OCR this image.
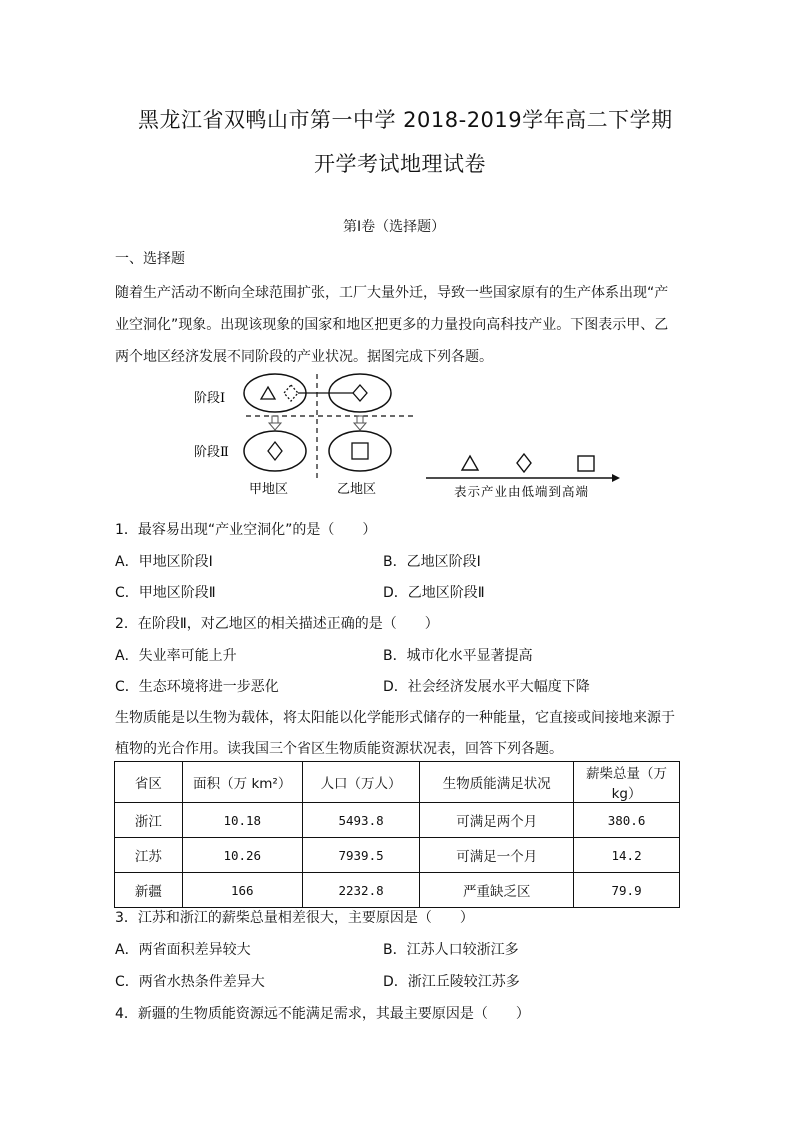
黑龙江省双鸭山市第一中学 2018-2019学年高二下学期
开学考试地理试卷
第Ⅰ卷（选择题）
一、选择题
随着生产活动不断向全球范围扩张，工厂大量外迁，导致一些国家原有的生产体系出现“产
业空洞化”现象。出现该现象的国家和地区把更多的力量投向高科技产业。下图表示甲、乙
两个地区经济发展不同阶段的产业状况。据图完成下列各题。
阶段Ⅰ
阶段Ⅱ
甲地区	乙地区	表示产业由低端到高端
1．最容易出现“产业空洞化”的是（　　）
A．甲地区阶段Ⅰ	B．乙地区阶段Ⅰ
C．甲地区阶段Ⅱ	D．乙地区阶段Ⅱ
2．在阶段Ⅱ，对乙地区的相关描述正确的是（　　）
A．失业率可能上升	B．城市化水平显著提高
C．生态环境将进一步恶化	D．社会经济发展水平大幅度下降
生物质能是以生物为载体，将太阳能以化学能形式储存的一种能量，它直接或间接地来源于
植物的光合作用。读我国三个省区生物质能资源状况表，回答下列各题。
省区	面积（万 km²）	人口（万人）	生物质能满足状况	薪柴总量（万 kg）
浙江	10.18	5493.8	可满足两个月	380.6
江苏	10.26	7939.5	可满足一个月	14.2
新疆	166	2232.8	严重缺乏区	79.9
3．江苏和浙江的薪柴总量相差很大，主要原因是（　　）
A．两省面积差异较大	B．江苏人口较浙江多
C．两省水热条件差异大	D．浙江丘陵较江苏多
4．新疆的生物质能资源远不能满足需求，其最主要原因是（　　）
